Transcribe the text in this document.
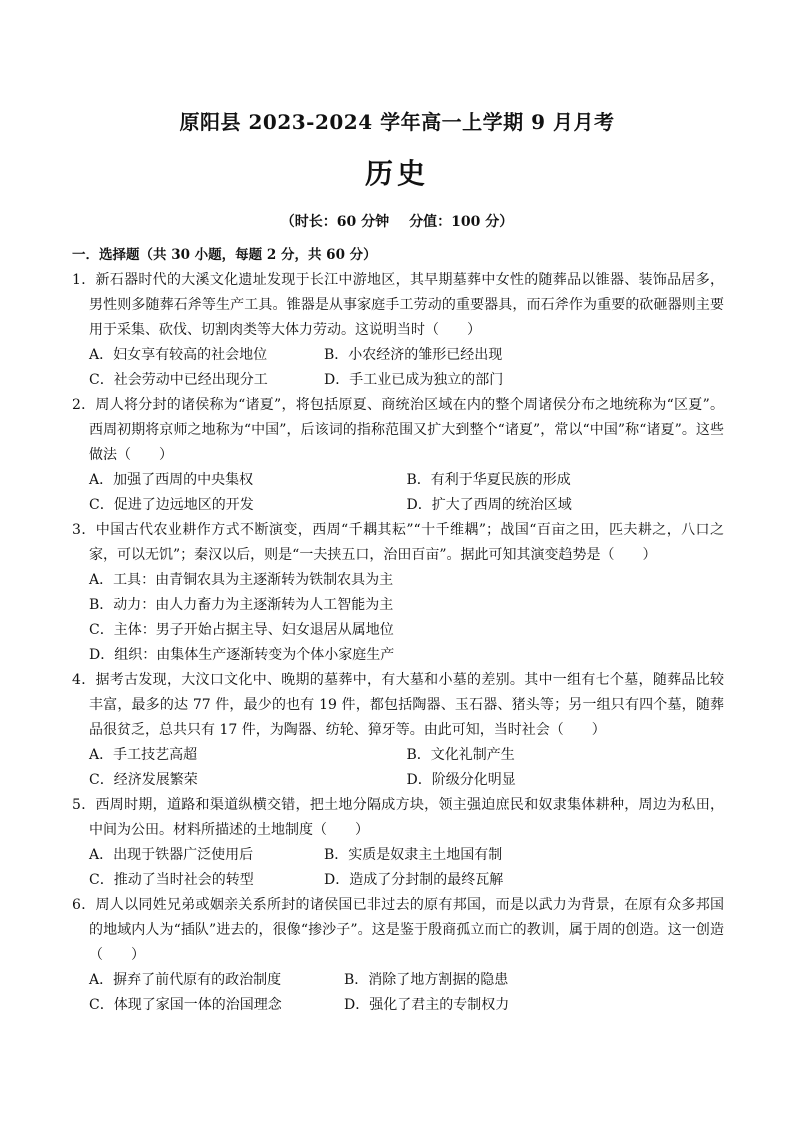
原阳县 2023-2024 学年高一上学期 9 月月考
历史
（时长：60 分钟 分值：100 分）
一．选择题（共 30 小题，每题 2 分，共 60 分）
1．新石器时代的大溪文化遗址发现于长江中游地区，其早期墓葬中女性的随葬品以锥器、装饰品居多，男性则多随葬石斧等生产工具。锥器是从事家庭手工劳动的重要器具，而石斧作为重要的砍砸器则主要用于采集、砍伐、切割肉类等大体力劳动。这说明当时（　　）
A．妇女享有较高的社会地位	B．小农经济的雏形已经出现
C．社会劳动中已经出现分工	D．手工业已成为独立的部门
2．周人将分封的诸侯称为“诸夏”，将包括原夏、商统治区域在内的整个周诸侯分布之地统称为“区夏”。西周初期将京师之地称为“中国”，后该词的指称范围又扩大到整个“诸夏”，常以“中国”称“诸夏”。这些做法（　　）
A．加强了西周的中央集权	B．有利于华夏民族的形成
C．促进了边远地区的开发	D．扩大了西周的统治区域
3．中国古代农业耕作方式不断演变，西周“千耦其耘”“十千维耦”；战国“百亩之田，匹夫耕之，八口之家，可以无饥”；秦汉以后，则是“一夫挟五口，治田百亩”。据此可知其演变趋势是（　　）
A．工具：由青铜农具为主逐渐转为铁制农具为主
B．动力：由人力畜力为主逐渐转为人工智能为主
C．主体：男子开始占据主导、妇女退居从属地位
D．组织：由集体生产逐渐转变为个体小家庭生产
4．据考古发现，大汶口文化中、晚期的墓葬中，有大墓和小墓的差别。其中一组有七个墓，随葬品比较丰富，最多的达 77 件，最少的也有 19 件，都包括陶器、玉石器、猪头等；另一组只有四个墓，随葬品很贫乏，总共只有 17 件，为陶器、纺轮、獐牙等。由此可知，当时社会（　　）
A．手工技艺高超	B．文化礼制产生
C．经济发展繁荣	D．阶级分化明显
5．西周时期，道路和渠道纵横交错，把土地分隔成方块，领主强迫庶民和奴隶集体耕种，周边为私田，中间为公田。材料所描述的土地制度（　　）
A．出现于铁器广泛使用后	B．实质是奴隶主土地国有制
C．推动了当时社会的转型	D．造成了分封制的最终瓦解
6．周人以同姓兄弟或姻亲关系所封的诸侯国已非过去的原有邦国，而是以武力为背景，在原有众多邦国的地域内人为“插队”进去的，很像“掺沙子”。这是鉴于殷商孤立而亡的教训，属于周的创造。这一创造（　　）
A．摒弃了前代原有的政治制度	B．消除了地方割据的隐患
C．体现了家国一体的治国理念	D．强化了君主的专制权力
